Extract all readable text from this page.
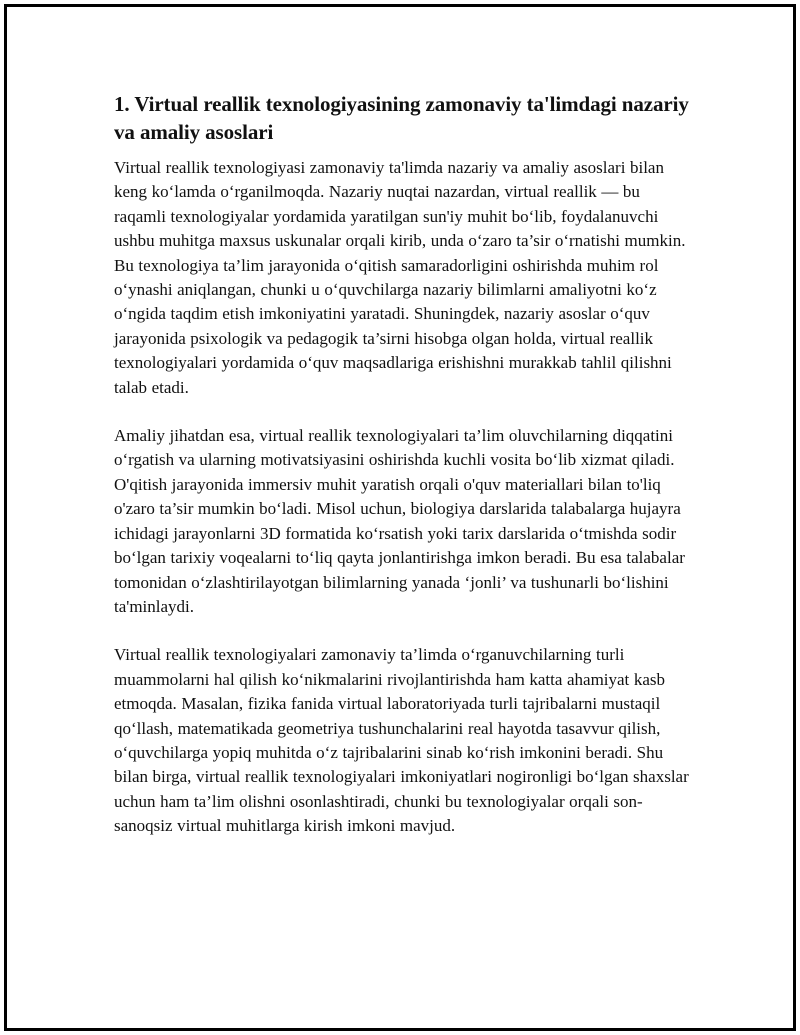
1. Virtual reallik texnologiyasining zamonaviy ta'limdagi nazariy va amaliy asoslari

Virtual reallik texnologiyasi zamonaviy ta'limda nazariy va amaliy asoslari bilan keng ko‘lamda o‘rganilmoqda. Nazariy nuqtai nazardan, virtual reallik — bu raqamli texnologiyalar yordamida yaratilgan sun'iy muhit bo‘lib, foydalanuvchi ushbu muhitga maxsus uskunalar orqali kirib, unda o‘zaro ta’sir o‘rnatishi mumkin. Bu texnologiya ta’lim jarayonida o‘qitish samaradorligini oshirishda muhim rol o‘ynashi aniqlangan, chunki u o‘quvchilarga nazariy bilimlarni amaliyotni ko‘z o‘ngida taqdim etish imkoniyatini yaratadi. Shuningdek, nazariy asoslar o‘quv jarayonida psixologik va pedagogik ta’sirni hisobga olgan holda, virtual reallik texnologiyalari yordamida o‘quv maqsadlariga erishishni murakkab tahlil qilishni talab etadi.

Amaliy jihatdan esa, virtual reallik texnologiyalari ta’lim oluvchilarning diqqatini o‘rgatish va ularning motivatsiyasini oshirishda kuchli vosita bo‘lib xizmat qiladi. O'qitish jarayonida immersiv muhit yaratish orqali o'quv materiallari bilan to'liq o'zaro ta’sir mumkin bo‘ladi. Misol uchun, biologiya darslarida talabalarga hujayra ichidagi jarayonlarni 3D formatida ko‘rsatish yoki tarix darslarida o‘tmishda sodir bo‘lgan tarixiy voqealarni to‘liq qayta jonlantirishga imkon beradi. Bu esa talabalar tomonidan o‘zlashtirilayotgan bilimlarning yanada ‘jonli’ va tushunarli bo‘lishini ta'minlaydi.

Virtual reallik texnologiyalari zamonaviy ta’limda o‘rganuvchilarning turli muammolarni hal qilish ko‘nikmalarini rivojlantirishda ham katta ahamiyat kasb etmoqda. Masalan, fizika fanida virtual laboratoriyada turli tajribalarni mustaqil qo‘llash, matematikada geometriya tushunchalarini real hayotda tasavvur qilish, o‘quvchilarga yopiq muhitda o‘z tajribalarini sinab ko‘rish imkonini beradi. Shu bilan birga, virtual reallik texnologiyalari imkoniyatlari nogironligi bo‘lgan shaxslar uchun ham ta’lim olishni osonlashtiradi, chunki bu texnologiyalar orqali son-sanoqsiz virtual muhitlarga kirish imkoni mavjud.
